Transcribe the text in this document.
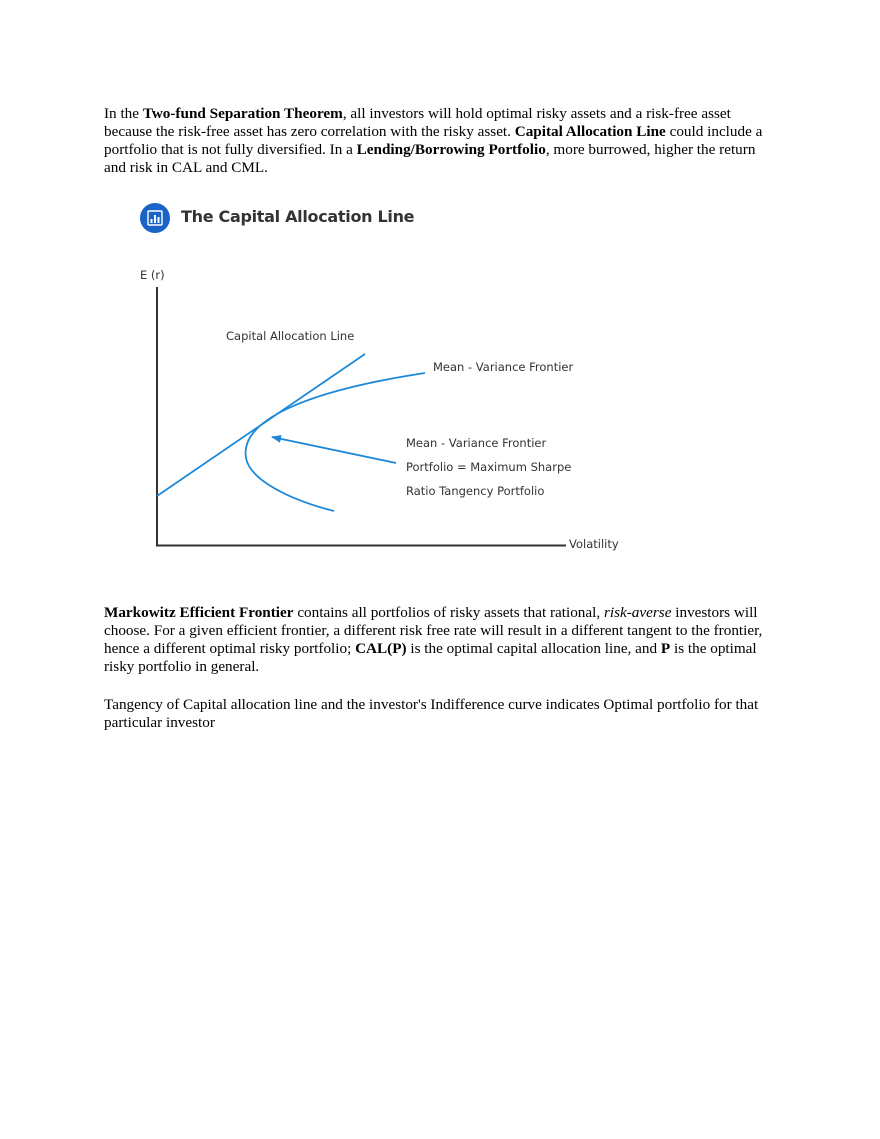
In the Two-fund Separation Theorem, all investors will hold optimal risky assets and a risk-free asset because the risk-free asset has zero correlation with the risky asset. Capital Allocation Line could include a portfolio that is not fully diversified. In a Lending/Borrowing Portfolio, more burrowed, higher the return and risk in CAL and CML.

E (r)
Volatility
Capital Allocation Line
Mean - Variance Frontier
Mean - Variance Frontier
Portfolio = Maximum Sharpe
Ratio Tangency Portfolio
The Capital Allocation Line

Markowitz Efficient Frontier contains all portfolios of risky assets that rational, risk-averse investors will choose. For a given efficient frontier, a different risk free rate will result in a different tangent to the frontier, hence a different optimal risky portfolio; CAL(P) is the optimal capital allocation line, and P is the optimal risky portfolio in general.

Tangency of Capital allocation line and the investor's Indifference curve indicates Optimal portfolio for that particular investor
